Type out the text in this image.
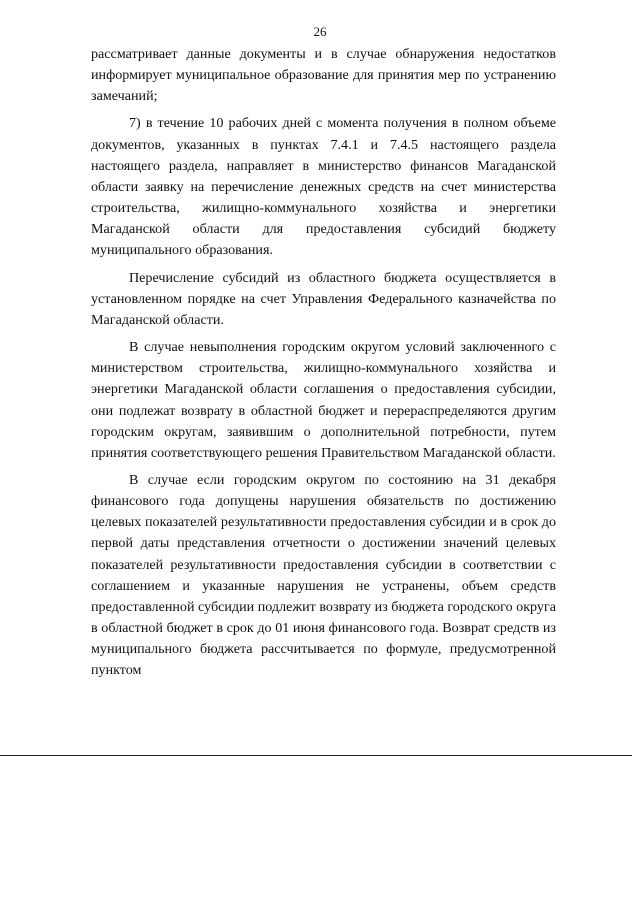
26

рассматривает данные документы и в случае обнаружения недостатков информирует муниципальное образование для принятия мер по устранению замечаний;

7) в течение 10 рабочих дней с момента получения в полном объеме документов, указанных в пунктах 7.4.1 и 7.4.5 настоящего раздела настоящего раздела, направляет в министерство финансов Магаданской области заявку на перечисление денежных средств на счет министерства строительства, жилищно-коммунального хозяйства и энергетики Магаданской области для предоставления субсидий бюджету муниципального образования.

Перечисление субсидий из областного бюджета осуществляется в установленном порядке на счет Управления Федерального казначейства по Магаданской области.

В случае невыполнения городским округом условий заключенного с министерством строительства, жилищно-коммунального хозяйства и энергетики Магаданской области соглашения о предоставления субсидии, они подлежат возврату в областной бюджет и перераспределяются другим городским округам, заявившим о дополнительной потребности, путем принятия соответствующего решения Правительством Магаданской области.

В случае если городским округом по состоянию на 31 декабря финансового года допущены нарушения обязательств по достижению целевых показателей результативности предоставления субсидии и в срок до первой даты представления отчетности о достижении значений целевых показателей результативности предоставления субсидии в соответствии с соглашением и указанные нарушения не устранены, объем средств предоставленной субсидии подлежит возврату из бюджета городского округа в областной бюджет в срок до 01 июня финансового года. Возврат средств из муниципального бюджета рассчитывается по формуле, предусмотренной пунктом
